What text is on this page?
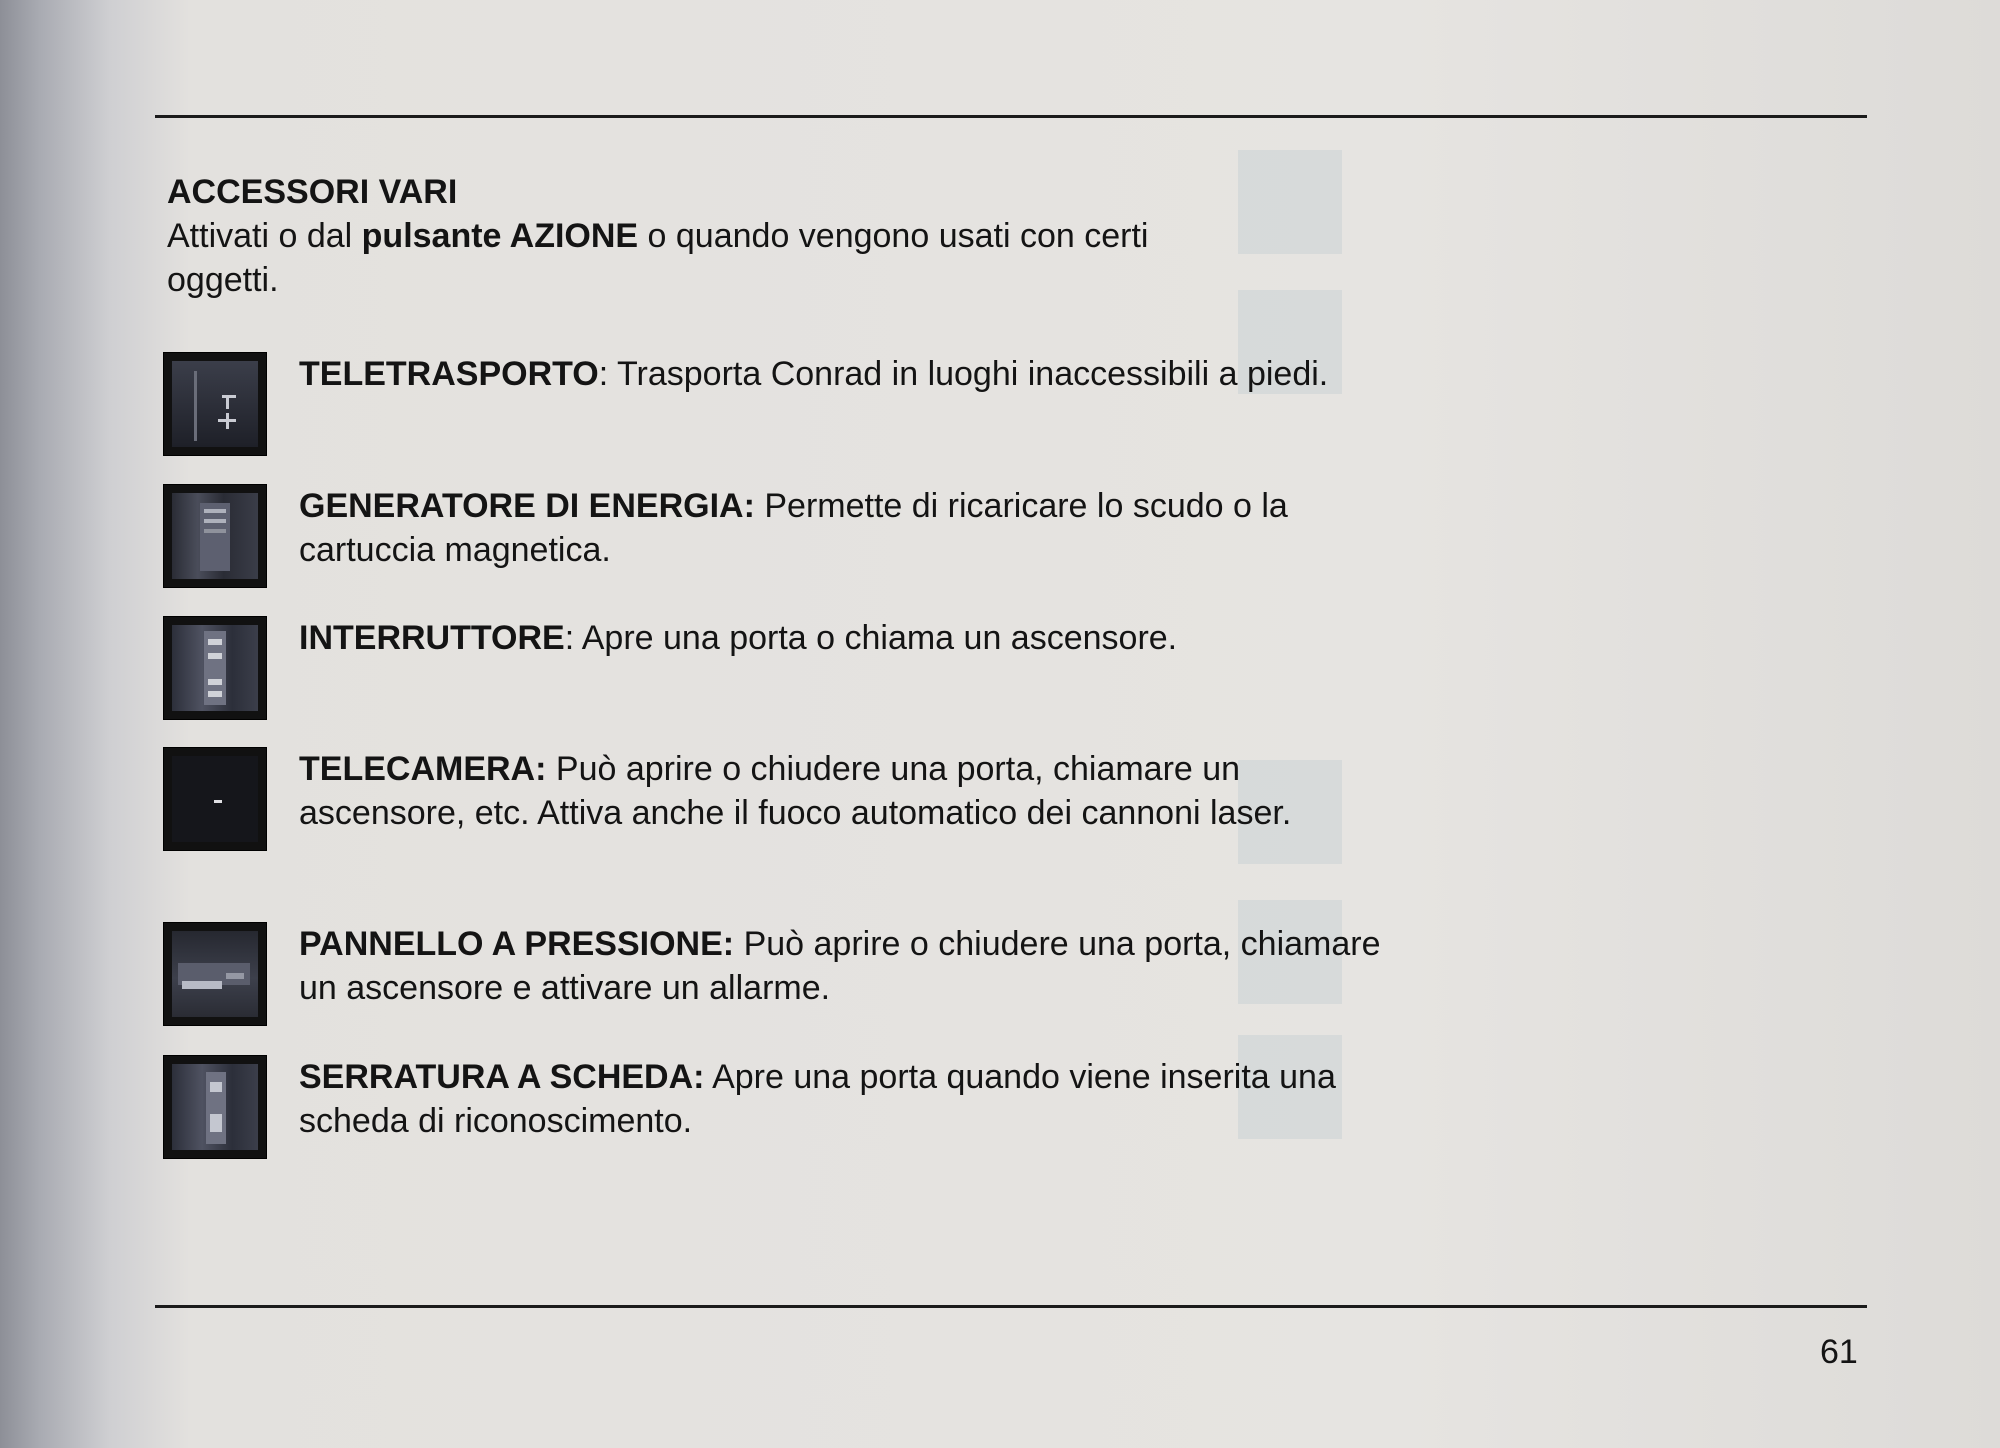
ACCESSORI VARI
Attivati o dal pulsante AZIONE o quando vengono usati con certi oggetti.
TELETRASPORTO: Trasporta Conrad in luoghi inaccessibili a piedi.
GENERATORE DI ENERGIA: Permette di ricaricare lo scudo o la cartuccia magnetica.
INTERRUTTORE: Apre una porta o chiama un ascensore.
TELECAMERA: Può aprire o chiudere una porta, chiamare un ascensore, etc. Attiva anche il fuoco automatico dei cannoni laser.
PANNELLO A PRESSIONE: Può aprire o chiudere una porta, chiamare un ascensore e attivare un allarme.
SERRATURA A SCHEDA: Apre una porta quando viene inserita una scheda di riconoscimento.
61
